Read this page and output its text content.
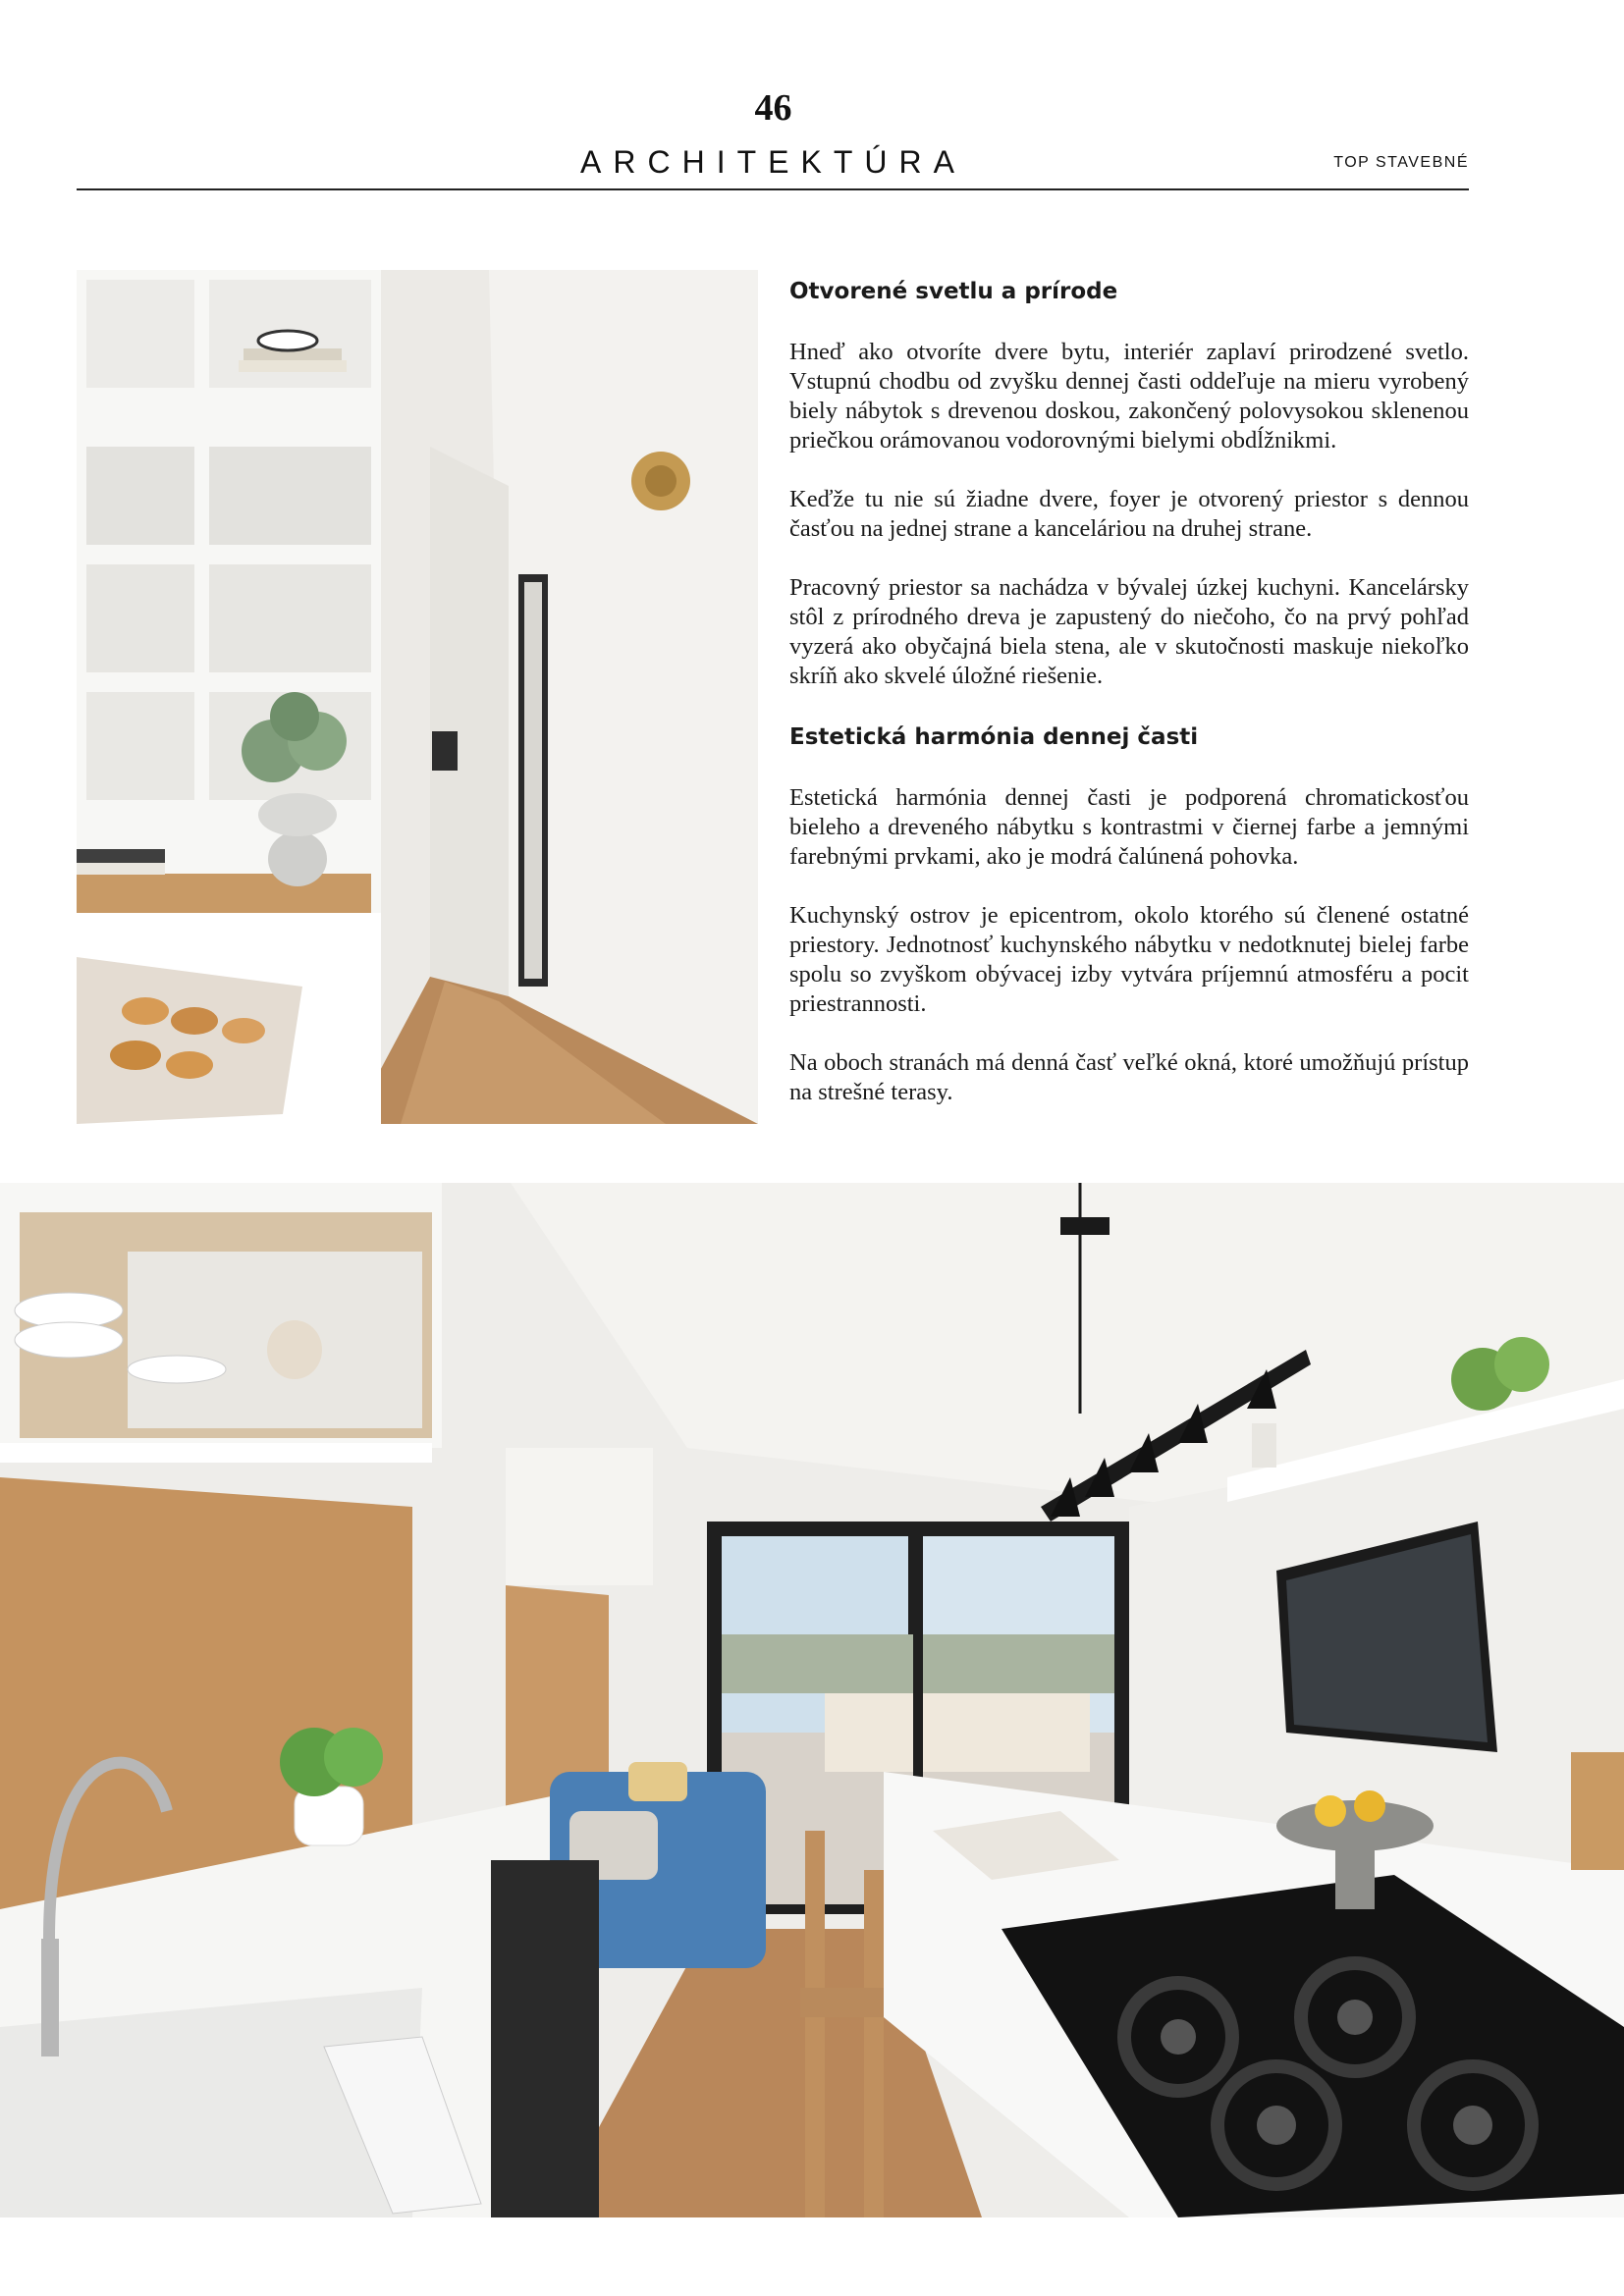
46
ARCHITEKTÚRA	TOP STAVEBNÉ
Otvorené svetlu a prírode

Hneď ako otvoríte dvere bytu, interiér zaplaví prirodzené svetlo. Vstupnú chodbu od zvyšku dennej časti oddeľuje na mieru vyrobený biely nábytok s drevenou doskou, zakončený polovysokou sklenenou priečkou orámovanou vodorovnými bielymi obdĺžnikmi.

Keďže tu nie sú žiadne dvere, foyer je otvorený priestor s dennou časťou na jednej strane a kanceláriou na druhej strane.

Pracovný priestor sa nachádza v bývalej úzkej kuchyni. Kancelársky stôl z prírodného dreva je zapustený do niečoho, čo na prvý pohľad vyzerá ako obyčajná biela stena, ale v skutočnosti maskuje niekoľko skríň ako skvelé úložné riešenie.

Estetická harmónia dennej časti

Estetická harmónia dennej časti je podporená chromatickosťou bieleho a dreveného nábytku s kontrastmi v čiernej farbe a jemnými farebnými prvkami, ako je modrá čalúnená pohovka.

Kuchynský ostrov je epicentrom, okolo ktorého sú členené ostatné priestory. Jednotnosť kuchynského nábytku v nedotknutej bielej farbe spolu so zvyškom obývacej izby vytvára príjemnú atmosféru a pocit priestrannosti.

Na oboch stranách má denná časť veľké okná, ktoré umožňujú prístup na strešné terasy.
